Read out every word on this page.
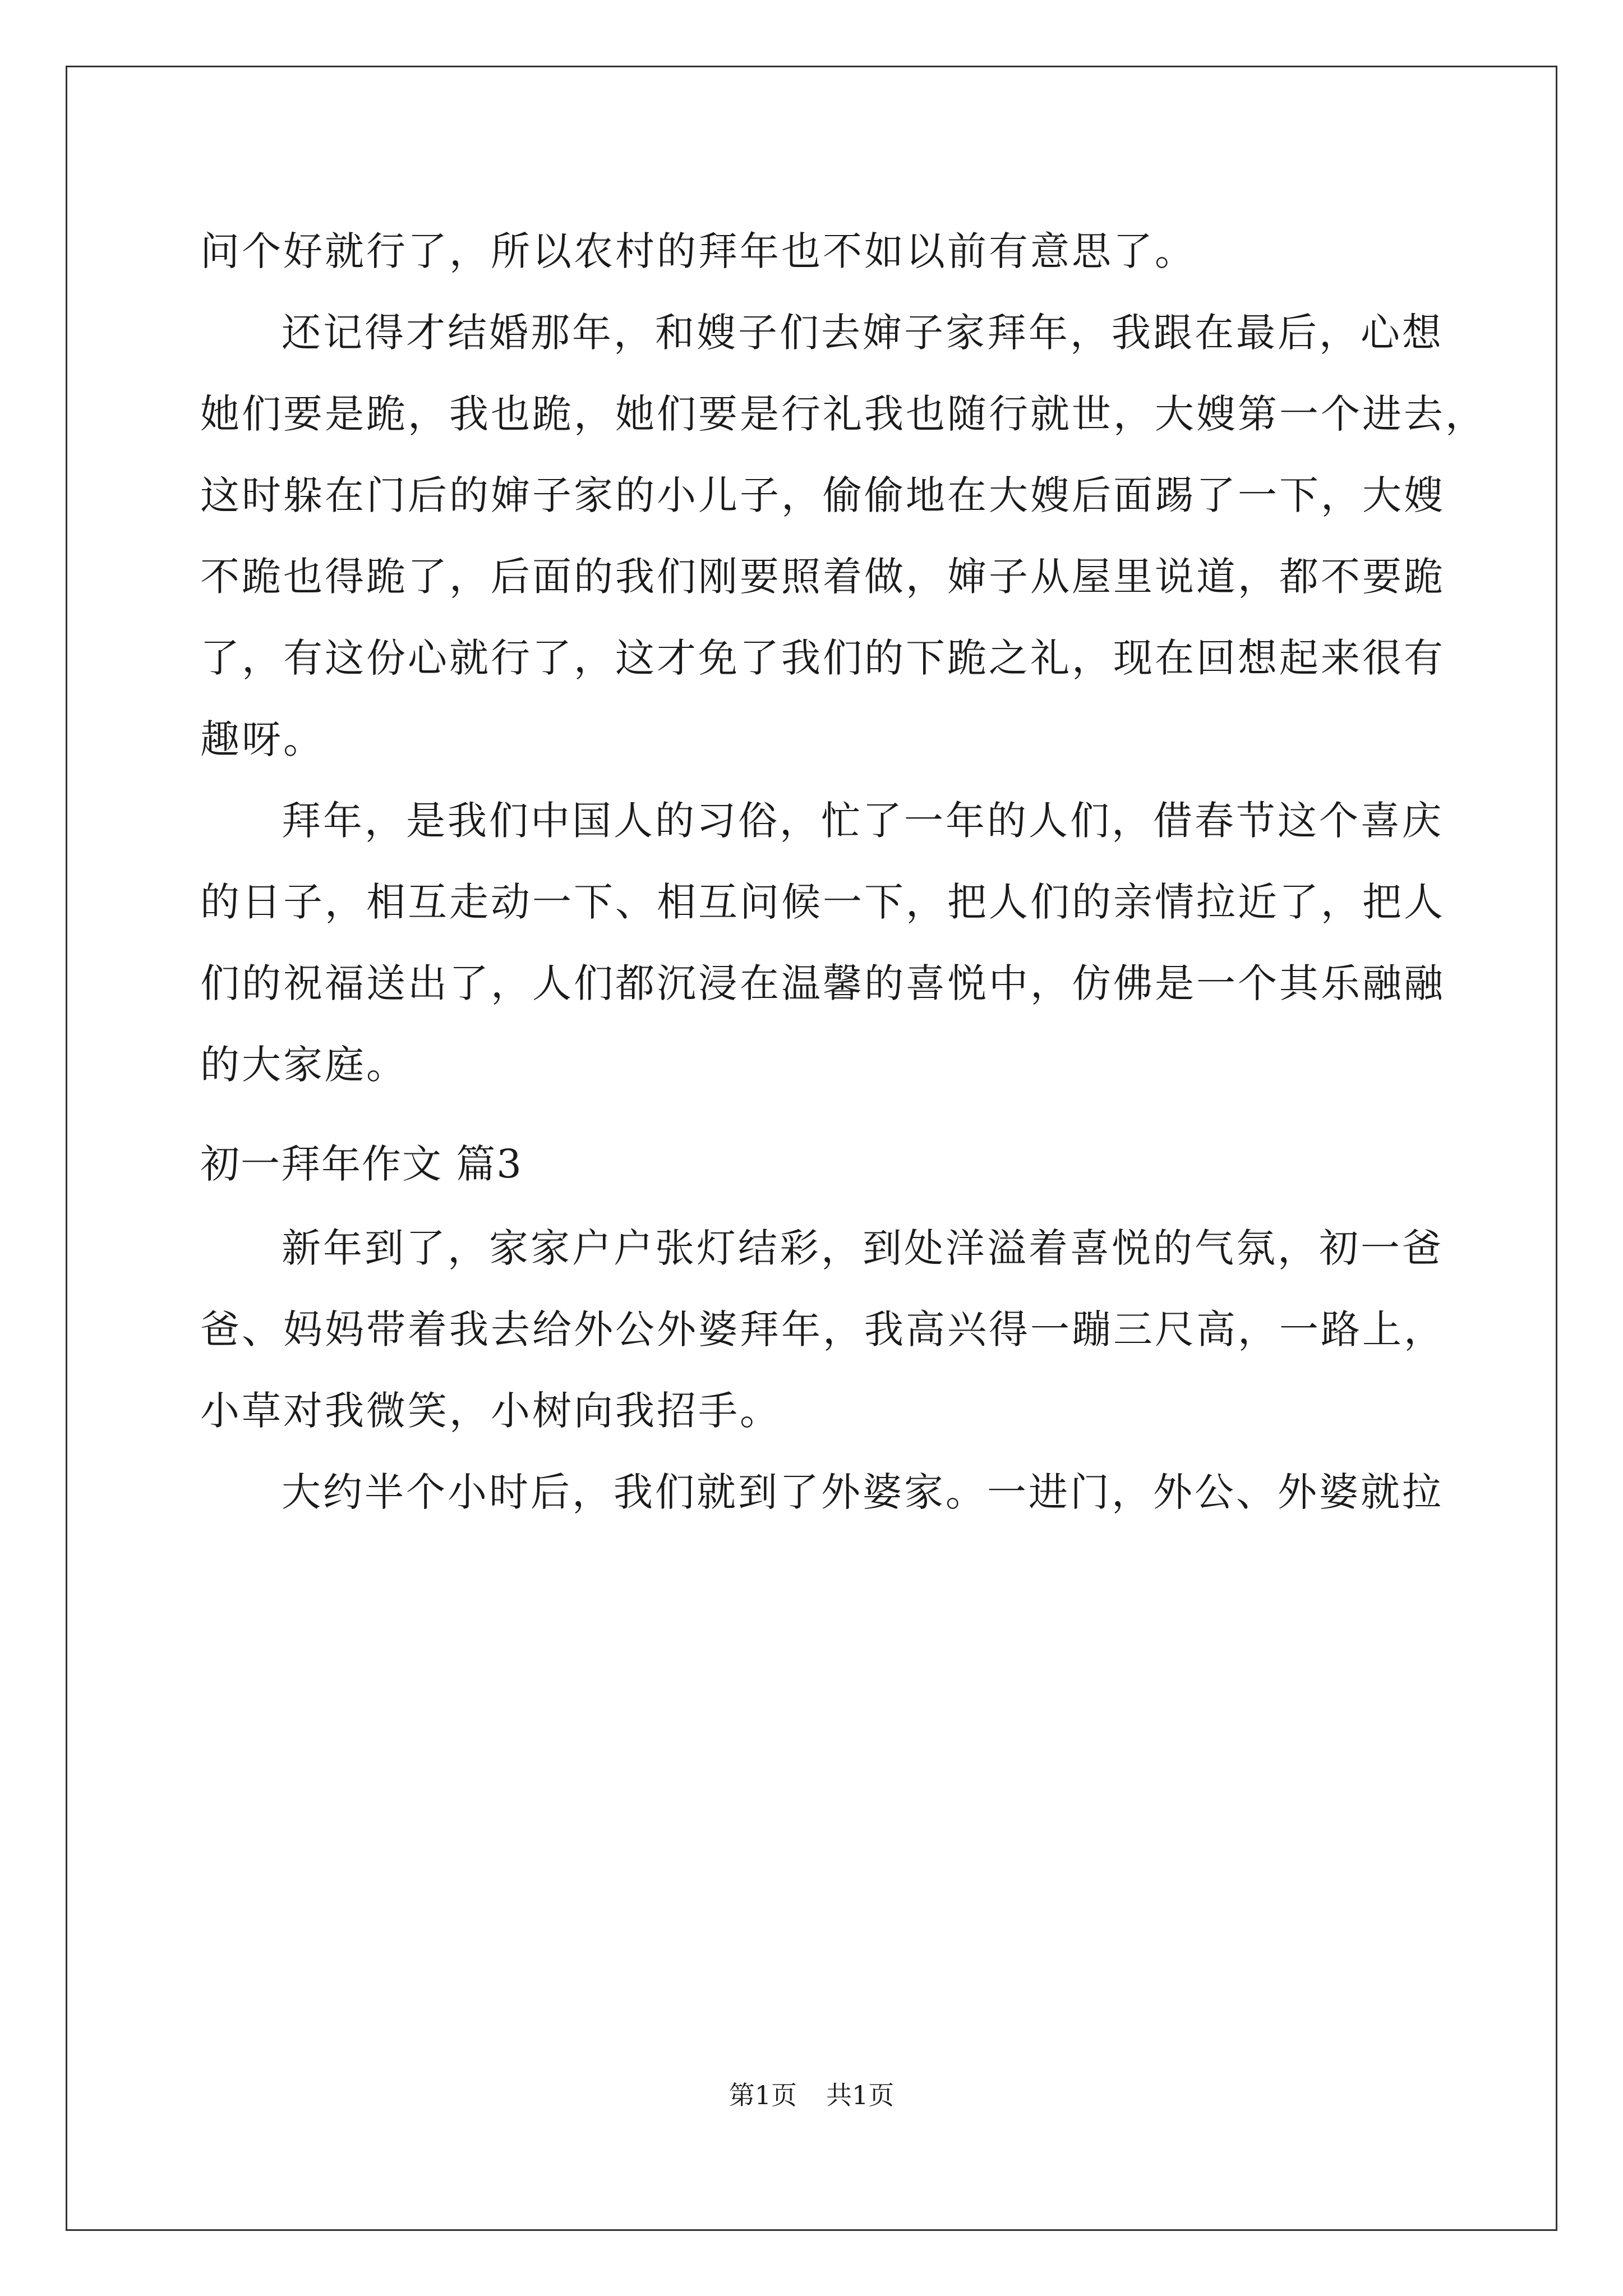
问个好就行了，所以农村的拜年也不如以前有意思了。
还记得才结婚那年，和嫂子们去婶子家拜年，我跟在最后，心想
她们要是跪，我也跪，她们要是行礼我也随行就世，大嫂第一个进去，
这时躲在门后的婶子家的小儿子，偷偷地在大嫂后面踢了一下，大嫂
不跪也得跪了，后面的我们刚要照着做，婶子从屋里说道，都不要跪
了，有这份心就行了，这才免了我们的下跪之礼，现在回想起来很有
趣呀。
拜年，是我们中国人的习俗，忙了一年的人们，借春节这个喜庆
的日子，相互走动一下、相互问候一下，把人们的亲情拉近了，把人
们的祝福送出了，人们都沉浸在温馨的喜悦中，仿佛是一个其乐融融
的大家庭。
初一拜年作文 篇3
新年到了，家家户户张灯结彩，到处洋溢着喜悦的气氛，初一爸
爸、妈妈带着我去给外公外婆拜年，我高兴得一蹦三尺高，一路上，
小草对我微笑，小树向我招手。
大约半个小时后，我们就到了外婆家。一进门，外公、外婆就拉
第1页 共1页
